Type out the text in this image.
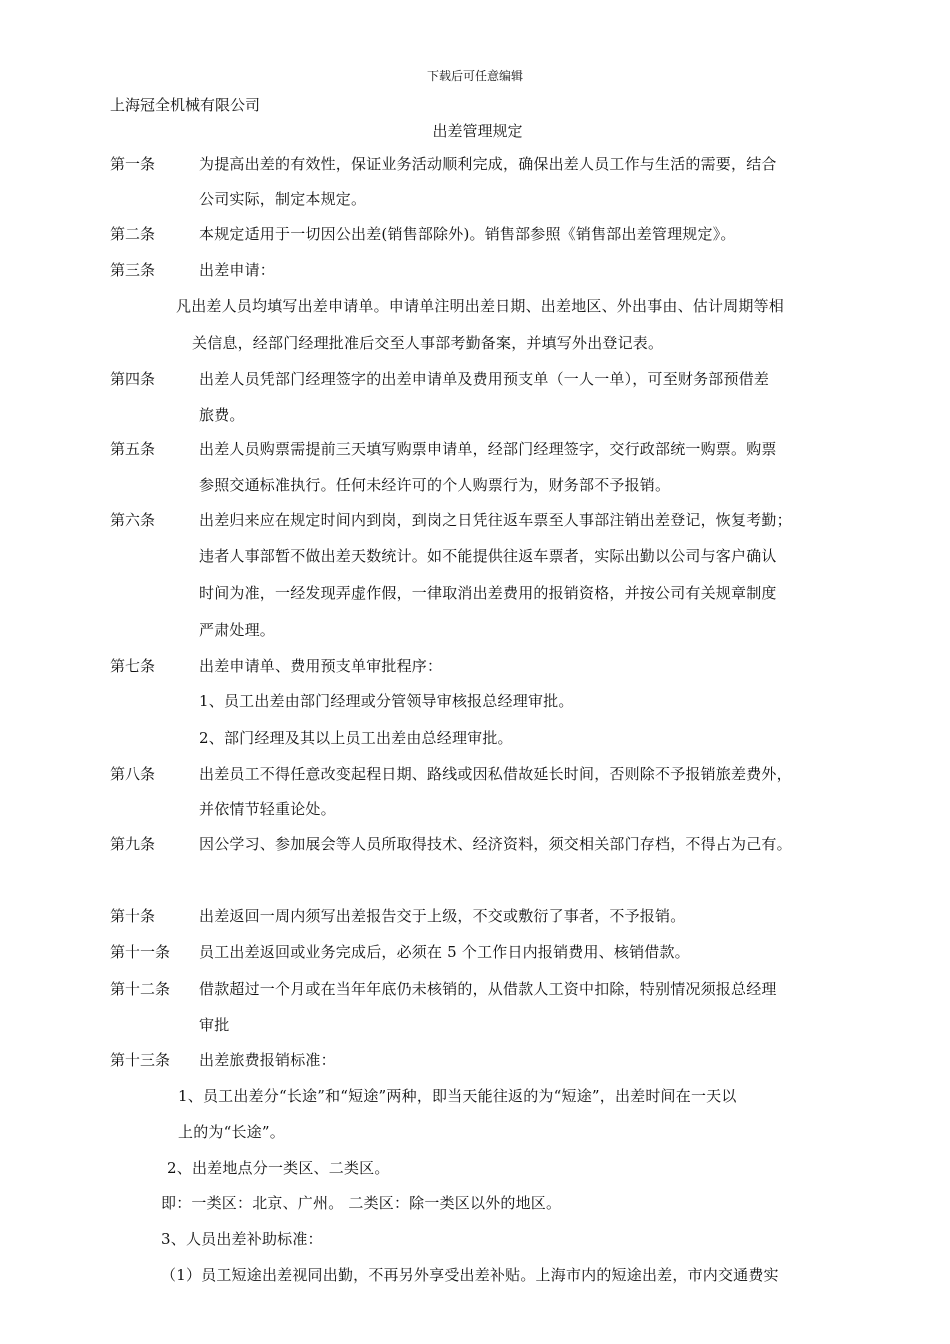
下载后可任意编辑
上海冠全机械有限公司
出差管理规定
第一条	为提高出差的有效性，保证业务活动顺利完成，确保出差人员工作与生活的需要，结合
公司实际，制定本规定。
第二条	本规定适用于一切因公出差(销售部除外)。销售部参照《销售部出差管理规定》。
第三条	出差申请：
凡出差人员均填写出差申请单。申请单注明出差日期、出差地区、外出事由、估计周期等相
关信息，经部门经理批准后交至人事部考勤备案，并填写外出登记表。
第四条	出差人员凭部门经理签字的出差申请单及费用预支单（一人一单），可至财务部预借差
旅费。
第五条	出差人员购票需提前三天填写购票申请单，经部门经理签字，交行政部统一购票。购票
参照交通标准执行。任何未经许可的个人购票行为，财务部不予报销。
第六条	出差归来应在规定时间内到岗，到岗之日凭往返车票至人事部注销出差登记，恢复考勤；
违者人事部暂不做出差天数统计。如不能提供往返车票者，实际出勤以公司与客户确认
时间为准，一经发现弄虚作假，一律取消出差费用的报销资格，并按公司有关规章制度
严肃处理。
第七条	出差申请单、费用预支单审批程序：
1、员工出差由部门经理或分管领导审核报总经理审批。
2、部门经理及其以上员工出差由总经理审批。
第八条	出差员工不得任意改变起程日期、路线或因私借故延长时间，否则除不予报销旅差费外，
并依情节轻重论处。
第九条	因公学习、参加展会等人员所取得技术、经济资料，须交相关部门存档，不得占为己有。
第十条	出差返回一周内须写出差报告交于上级，不交或敷衍了事者，不予报销。
第十一条 员工出差返回或业务完成后，必须在 5 个工作日内报销费用、核销借款。
第十二条 借款超过一个月或在当年年底仍未核销的，从借款人工资中扣除，特别情况须报总经理
审批
第十三条 出差旅费报销标准：
1、员工出差分“长途”和“短途”两种，即当天能往返的为“短途”，出差时间在一天以
上的为“长途”。
2、出差地点分一类区、二类区。
即：一类区：北京、广州。 二类区：除一类区以外的地区。
3、人员出差补助标准：
（1）员工短途出差视同出勤，不再另外享受出差补贴。上海市内的短途出差，市内交通费实
